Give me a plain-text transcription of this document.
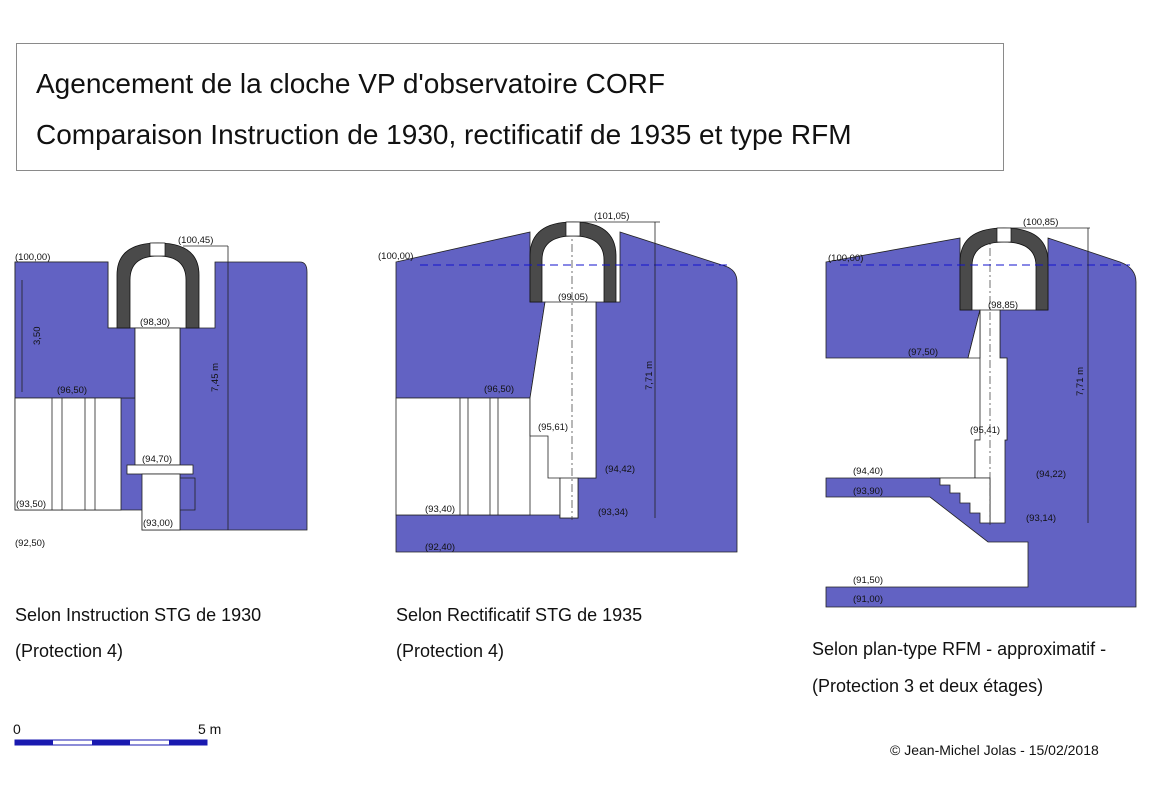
Agencement de la cloche VP d'observatoire CORF
Comparaison Instruction de 1930, rectificatif de 1935 et type RFM
(100,00)
(100,45)
(98,30)
(96,50)
(94,70)
(93,50)
(93,00)
(92,50)
3,50
7,45 m
Selon Instruction STG de 1930
(Protection 4)
(100,00)
(101,05)
(99,05)
(96,50)
(95,61)
(94,42)
(93,40)	(93,34)
(92,40)
7,71 m
Selon Rectificatif STG de 1935
(Protection 4)
(100,00)
(100,85)
(98,85)
(97,50)
(95,41)
(94,40)	(94,22)
(93,90)
(93,14)
(91,50)
(91,00)
7,71 m
Selon plan-type RFM - approximatif -
(Protection 3 et deux étages)
0	5 m
© Jean-Michel Jolas - 15/02/2018
